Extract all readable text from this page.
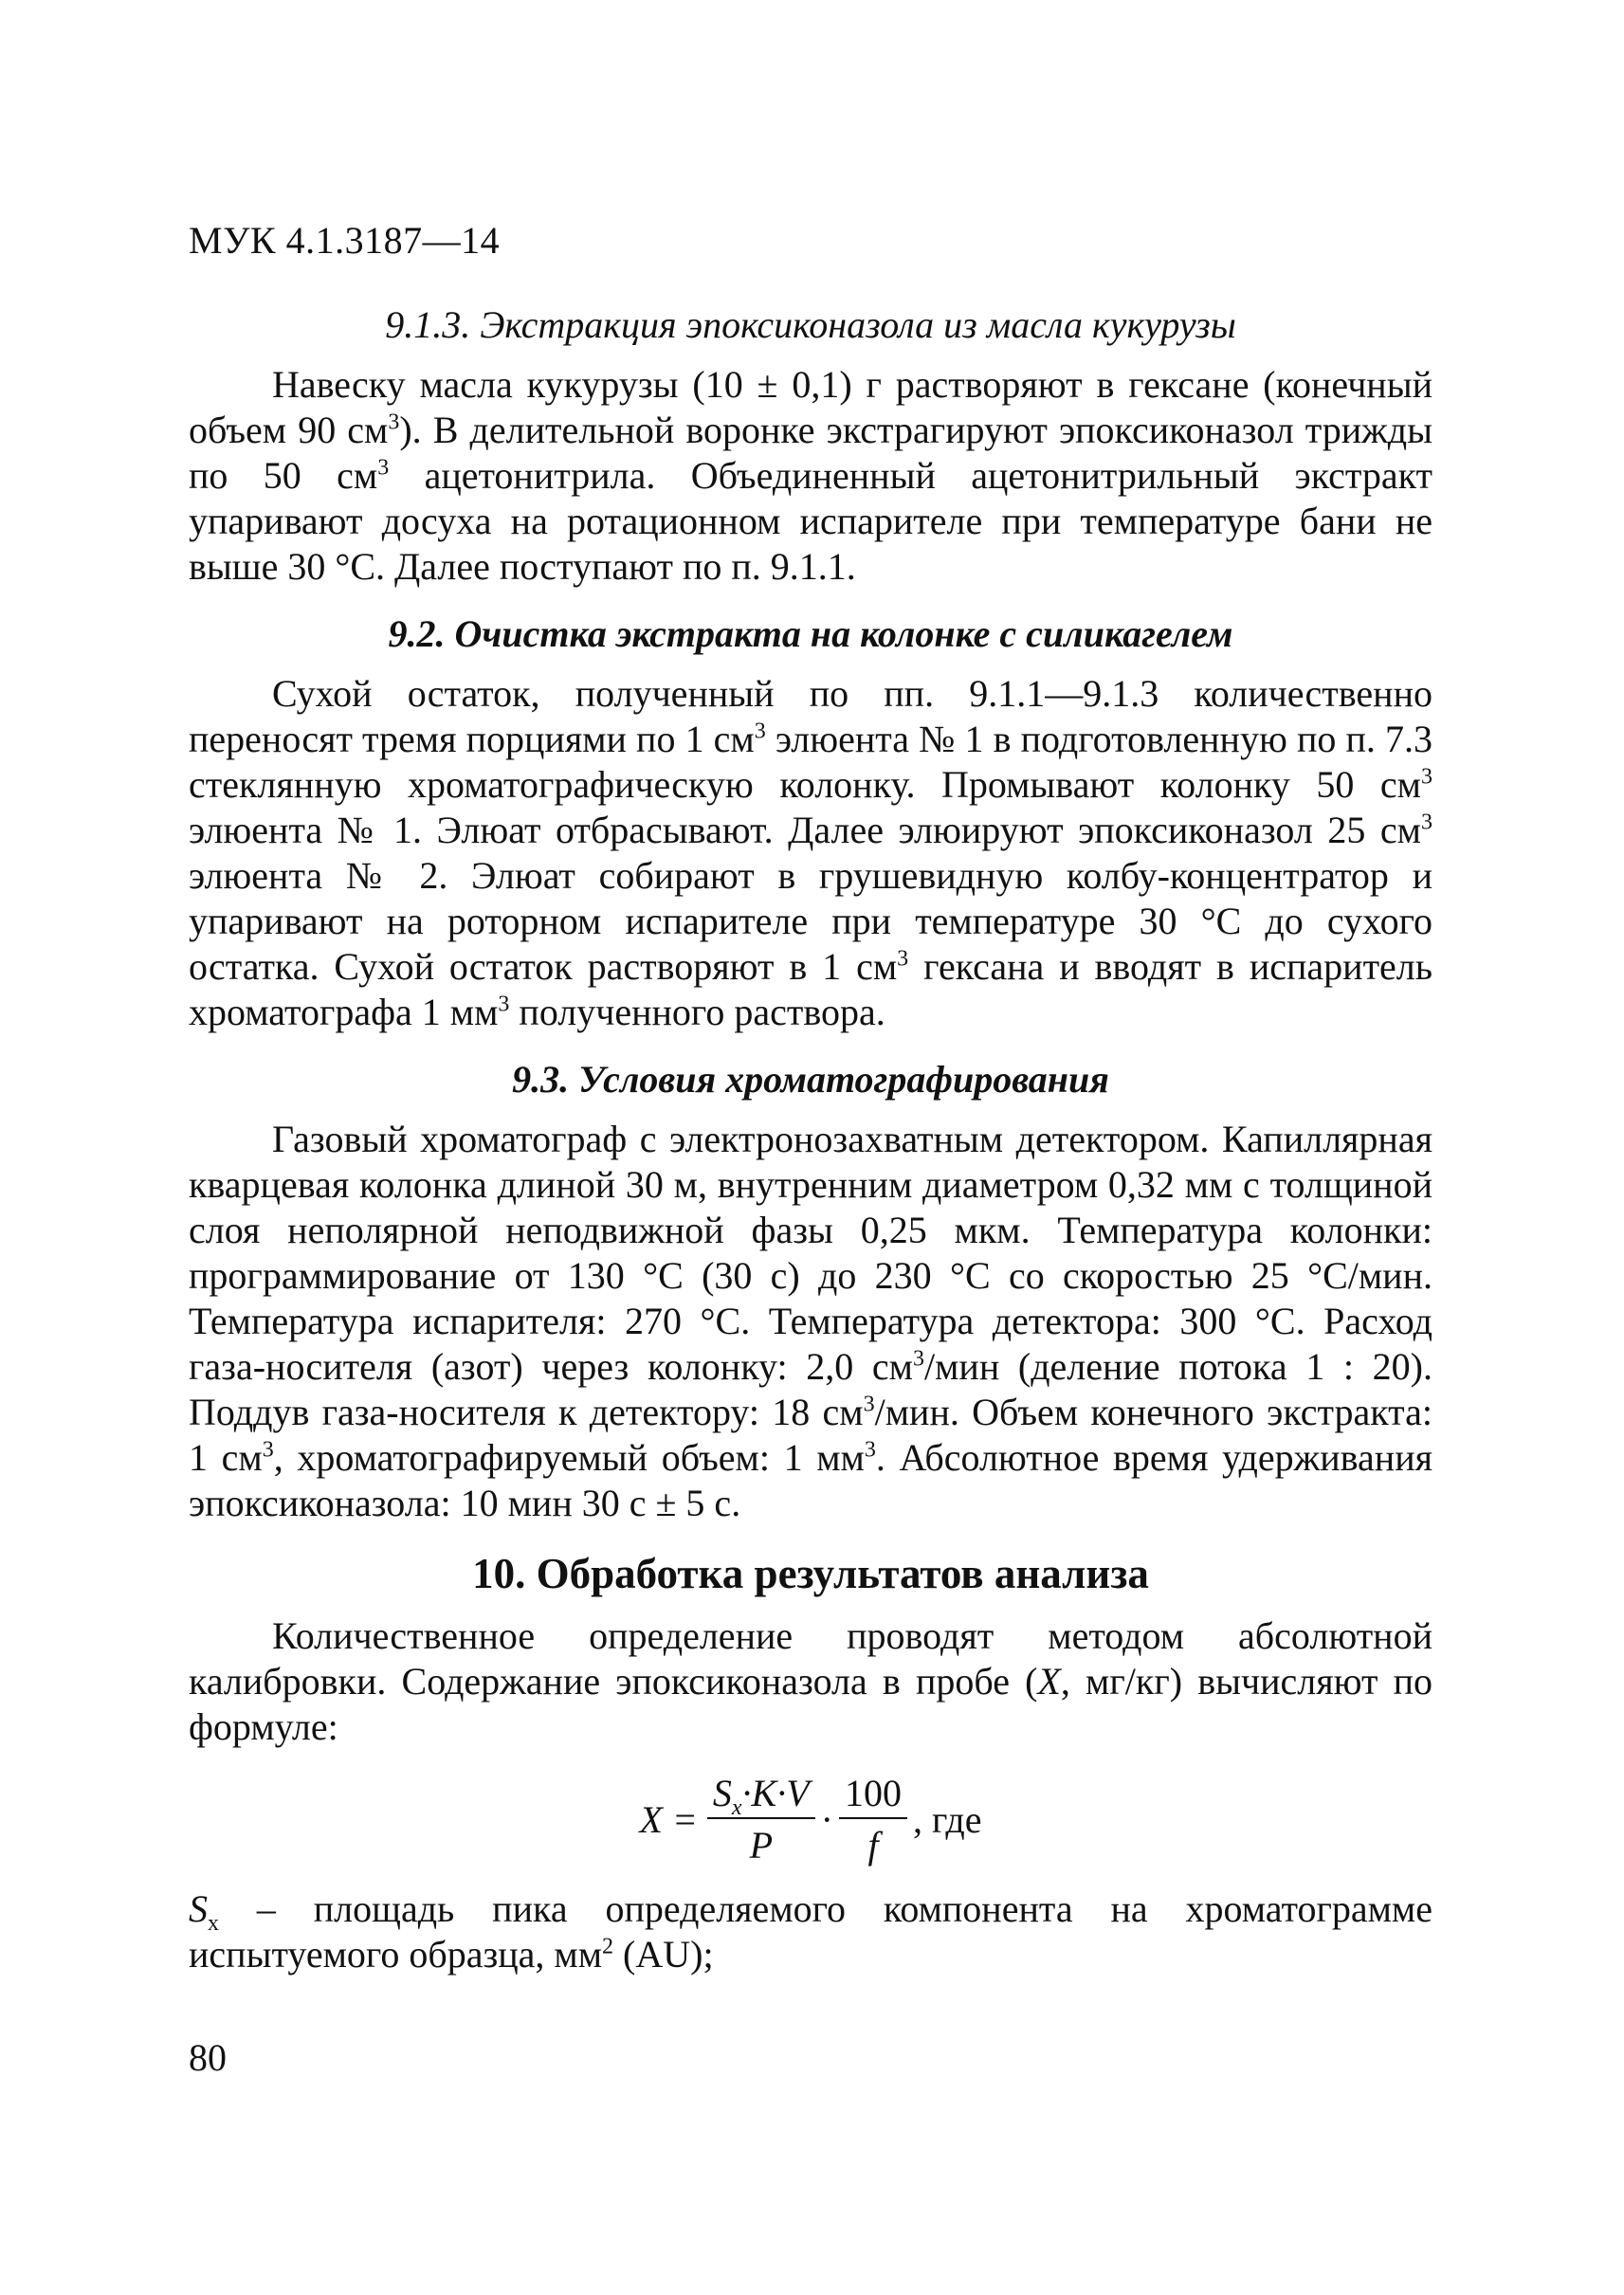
МУК 4.1.3187—14
9.1.3. Экстракция эпоксиконазола из масла кукурузы

Навеску масла кукурузы (10 ± 0,1) г растворяют в гексане (конечный объем 90 $см^3$). В делительной воронке экстрагируют эпоксиконазол трижды по 50 $см^3$ ацетонитрила. Объединенный ацетонитрильный экстракт упаривают досуха на ротационном испарителе при температуре бани не выше 30 °С. Далее поступают по п. 9.1.1.

9.2. Очистка экстракта на колонке с силикагелем

Сухой остаток, полученный по пп. 9.1.1—9.1.3 количественно переносят тремя порциями по 1 $см^3$ элюента № 1 в подготовленную по п. 7.3 стеклянную хроматографическую колонку. Промывают колонку 50 $см^3$ элюента № 1. Элюат отбрасывают. Далее элюируют эпоксиконазол 25 $см^3$ элюента № 2. Элюат собирают в грушевидную колбу-концентратор и упаривают на роторном испарителе при температуре 30 °С до сухого остатка. Сухой остаток растворяют в 1 $см^3$ гексана и вводят в испаритель хроматографа 1 $мм^3$ полученного раствора.

9.3. Условия хроматографирования

Газовый хроматограф с электронозахватным детектором. Капиллярная кварцевая колонка длиной 30 м, внутренним диаметром 0,32 мм с толщиной слоя неполярной неподвижной фазы 0,25 мкм. Температура колонки: программирование от 130 °С (30 с) до 230 °С со скоростью 25 °С/мин. Температура испарителя: 270 °С. Температура детектора: 300 °С. Расход газа-носителя (азот) через колонку: 2,0 $см^3$/мин (деление потока 1 : 20). Поддув газа-носителя к детектору: 18 $см^3$/мин. Объем конечного экстракта: 1 $см^3$, хроматографируемый объем: 1 $мм^3$. Абсолютное время удерживания эпоксиконазола: 10 мин 30 с ± 5 с.

10. Обработка результатов анализа

Количественное определение проводят методом абсолютной калибровки. Содержание эпоксиконазола в пробе (X, мг/кг) вычисляют по формуле:

$X = \frac{S_x\cdot K\cdot V}{P} \cdot \frac{100}{f}$ , где

$S_x$ – площадь пика определяемого компонента на хроматограмме испытуемого образца, $мм^2$ (AU);

80
